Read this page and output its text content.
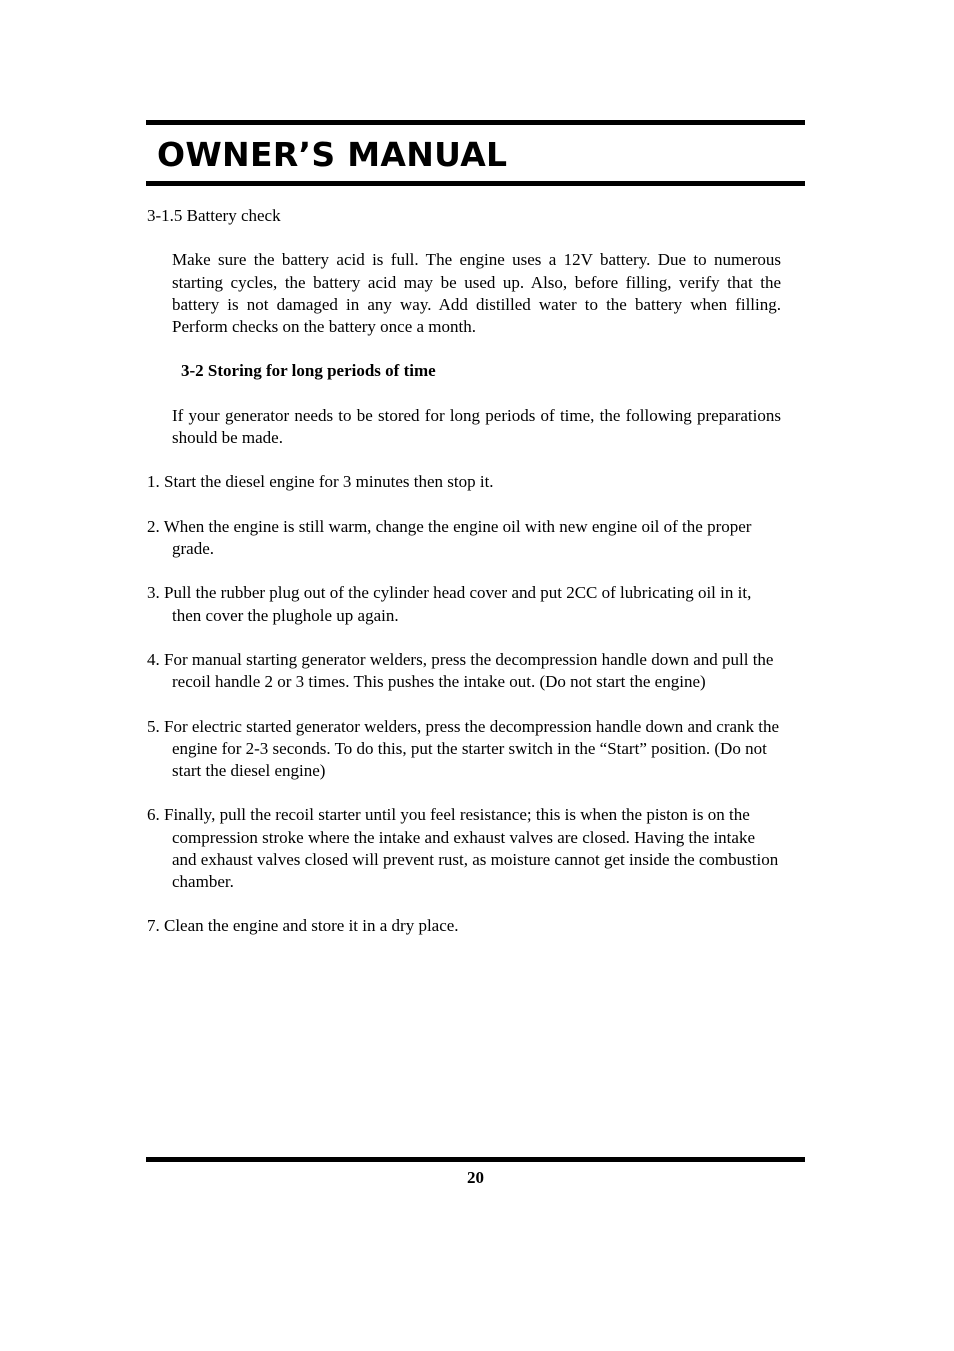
OWNER’S MANUAL

3-1.5 Battery check

Make sure the battery acid is full. The engine uses a 12V battery. Due to numerous starting cycles, the battery acid may be used up. Also, before filling, verify that the battery is not damaged in any way. Add distilled water to the battery when filling. Perform checks on the battery once a month.

3-2 Storing for long periods of time

If your generator needs to be stored for long periods of time, the following preparations should be made.

1. Start the diesel engine for 3 minutes then stop it.
2. When the engine is still warm, change the engine oil with new engine oil of the proper grade.
3. Pull the rubber plug out of the cylinder head cover and put 2CC of lubricating oil in it, then cover the plughole up again.
4. For manual starting generator welders, press the decompression handle down and pull the recoil handle 2 or 3 times. This pushes the intake out. (Do not start the engine)
5. For electric started generator welders, press the decompression handle down and crank the engine for 2-3 seconds. To do this, put the starter switch in the “Start” position. (Do not start the diesel engine)
6. Finally, pull the recoil starter until you feel resistance; this is when the piston is on the compression stroke where the intake and exhaust valves are closed. Having the intake and exhaust valves closed will prevent rust, as moisture cannot get inside the combustion chamber.
7. Clean the engine and store it in a dry place.
20
